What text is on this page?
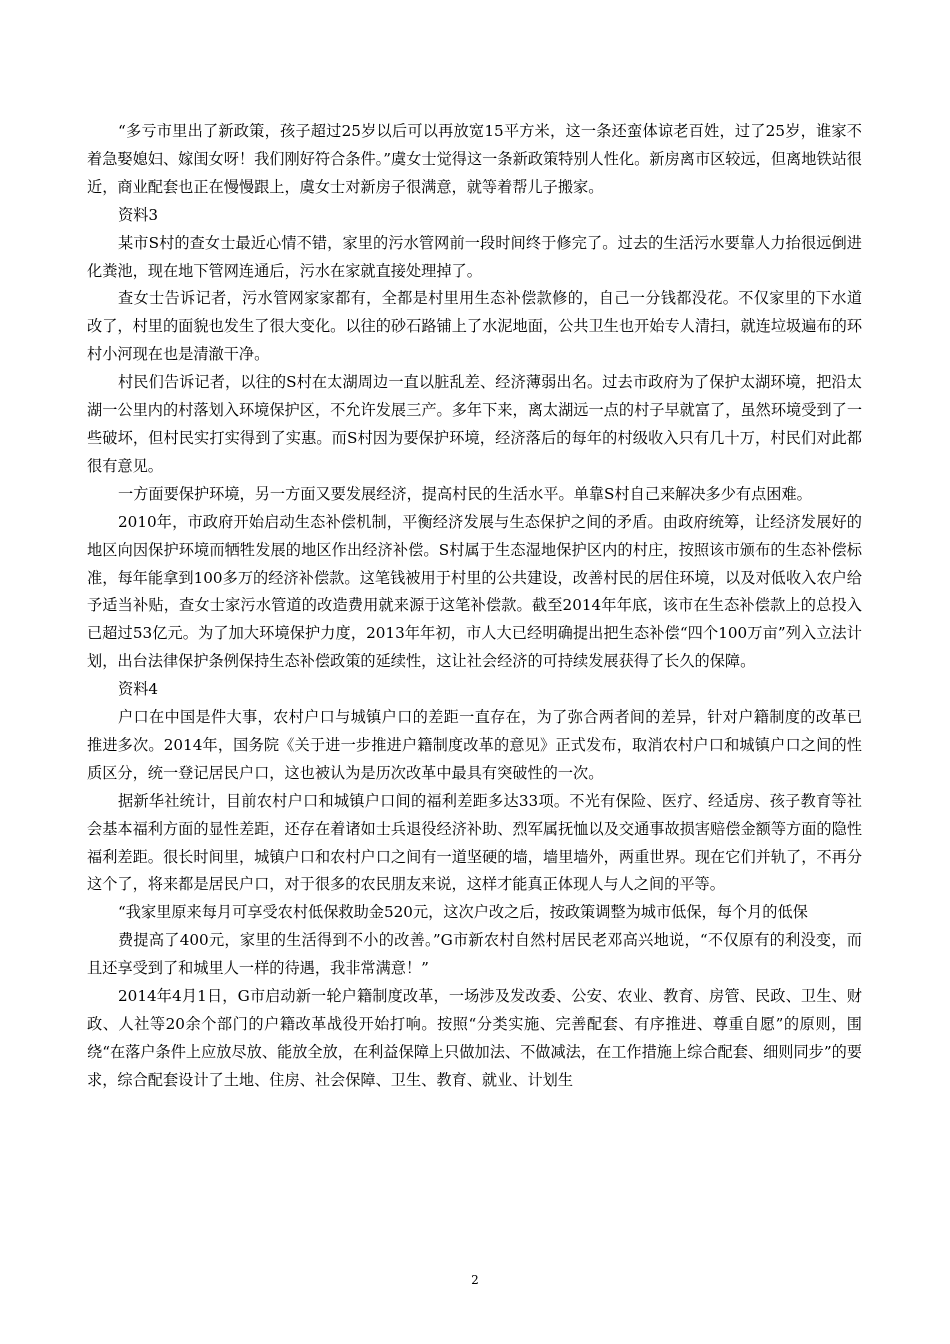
“多亏市里出了新政策，孩子超过25岁以后可以再放宽15平方米，这一条还蛮体谅老百姓，过了25岁，谁家不着急娶媳妇、嫁闺女呀！我们刚好符合条件。”虞女士觉得这一条新政策特别人性化。新房离市区较远，但离地铁站很近，商业配套也正在慢慢跟上，虞女士对新房子很满意，就等着帮儿子搬家。

资料3

某市S村的查女士最近心情不错，家里的污水管网前一段时间终于修完了。过去的生活污水要靠人力抬很远倒进化粪池，现在地下管网连通后，污水在家就直接处理掉了。

查女士告诉记者，污水管网家家都有，全都是村里用生态补偿款修的，自己一分钱都没花。不仅家里的下水道改了，村里的面貌也发生了很大变化。以往的砂石路铺上了水泥地面，公共卫生也开始专人清扫，就连垃圾遍布的环村小河现在也是清澈干净。

村民们告诉记者，以往的S村在太湖周边一直以脏乱差、经济薄弱出名。过去市政府为了保护太湖环境，把沿太湖一公里内的村落划入环境保护区，不允许发展三产。多年下来，离太湖远一点的村子早就富了，虽然环境受到了一些破坏，但村民实打实得到了实惠。而S村因为要保护环境，经济落后的每年的村级收入只有几十万，村民们对此都很有意见。

一方面要保护环境，另一方面又要发展经济，提高村民的生活水平。单靠S村自己来解决多少有点困难。

2010年，市政府开始启动生态补偿机制，平衡经济发展与生态保护之间的矛盾。由政府统筹，让经济发展好的地区向因保护环境而牺牲发展的地区作出经济补偿。S村属于生态湿地保护区内的村庄，按照该市颁布的生态补偿标准，每年能拿到100多万的经济补偿款。这笔钱被用于村里的公共建设，改善村民的居住环境，以及对低收入农户给予适当补贴，查女士家污水管道的改造费用就来源于这笔补偿款。截至2014年年底，该市在生态补偿款上的总投入已超过53亿元。为了加大环境保护力度，2013年年初，市人大已经明确提出把生态补偿“四个100万亩”列入立法计划，出台法律保护条例保持生态补偿政策的延续性，这让社会经济的可持续发展获得了长久的保障。

资料4

户口在中国是件大事，农村户口与城镇户口的差距一直存在，为了弥合两者间的差异，针对户籍制度的改革已推进多次。2014年，国务院《关于进一步推进户籍制度改革的意见》正式发布，取消农村户口和城镇户口之间的性质区分，统一登记居民户口，这也被认为是历次改革中最具有突破性的一次。

据新华社统计，目前农村户口和城镇户口间的福利差距多达33项。不光有保险、医疗、经适房、孩子教育等社会基本福利方面的显性差距，还存在着诸如士兵退役经济补助、烈军属抚恤以及交通事故损害赔偿金额等方面的隐性福利差距。很长时间里，城镇户口和农村户口之间有一道坚硬的墙，墙里墙外，两重世界。现在它们并轨了，不再分这个了，将来都是居民户口，对于很多的农民朋友来说，这样才能真正体现人与人之间的平等。

“我家里原来每月可享受农村低保救助金520元，这次户改之后，按政策调整为城市低保，每个月的低保

费提高了400元，家里的生活得到不小的改善。”G市新农村自然村居民老邓高兴地说，“不仅原有的利没变，而且还享受到了和城里人一样的待遇，我非常满意！”

2014年4月1日，G市启动新一轮户籍制度改革，一场涉及发改委、公安、农业、教育、房管、民政、卫生、财政、人社等20余个部门的户籍改革战役开始打响。按照“分类实施、完善配套、有序推进、尊重自愿”的原则，围绕“在落户条件上应放尽放、能放全放，在利益保障上只做加法、不做减法，在工作措施上综合配套、细则同步”的要求，综合配套设计了土地、住房、社会保障、卫生、教育、就业、计划生

2
